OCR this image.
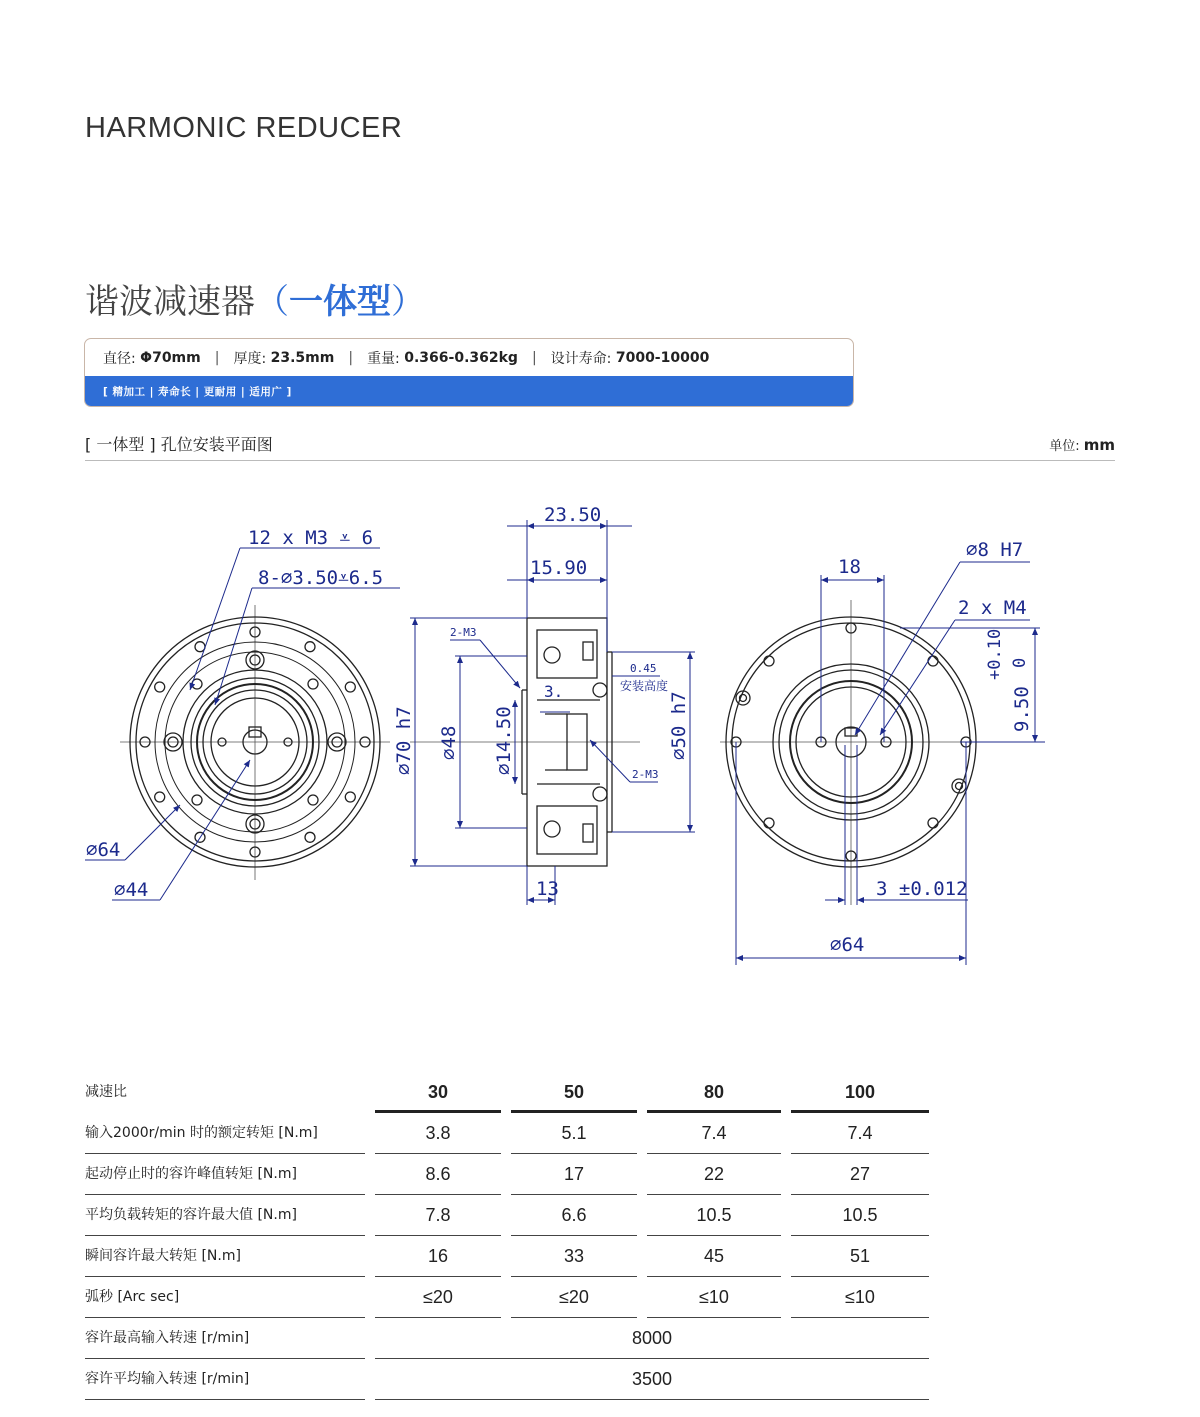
HARMONIC REDUCER
谐波减速器（一体型）
直径:
Φ70mm | 厚度:
23.5mm | 重量:
0.366-0.362kg | 设计寿命:
7000-10000
[ 精加工 | 寿命长 | 更耐用 | 适用广 ]
[ 一体型 ] 孔位安装平面图	单位: mm
12 x M3 ⩡ 6
8-∅3.50⩡6.5
∅64
∅44
23.50
15.90
2-M3
0.45
安装高度
3.
2-M3
13
∅70 h7 ∅48 ∅14.50	∅50 h7
∅8 H7
2 x M4
18
+0.10 0
9.50
3 ±0.012
∅64
减速比	30	50	80	100
输入2000r/min 时的额定转矩 [N.m]	3.8	5.1	7.4	7.4
起动停止时的容许峰值转矩 [N.m]	8.6	17	22	27
平均负载转矩的容许最大值 [N.m]	7.8	6.6	10.5	10.5
瞬间容许最大转矩 [N.m]	16	33	45	51
弧秒 [Arc sec]	≤20	≤20	≤10	≤10
容许最高输入转速 [r/min]	8000
容许平均输入转速 [r/min]	3500
